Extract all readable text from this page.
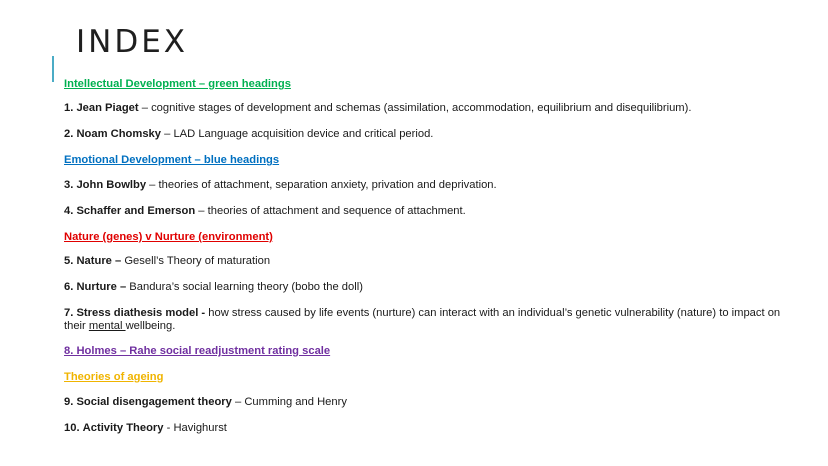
INDEX
Intellectual Development – green headings
1. Jean Piaget – cognitive stages of development and schemas (assimilation, accommodation, equilibrium and disequilibrium).
2. Noam Chomsky – LAD Language acquisition device and critical period.
Emotional Development – blue headings
3. John Bowlby – theories of attachment, separation anxiety, privation and deprivation.
4. Schaffer and Emerson – theories of attachment and sequence of attachment.
Nature (genes) v Nurture (environment)
5. Nature – Gesell’s Theory of maturation
6. Nurture – Bandura’s social learning theory (bobo the doll)
7. Stress diathesis model - how stress caused by life events (nurture) can interact with an individual’s genetic vulnerability (nature) to impact on their mental wellbeing.
8. Holmes – Rahe social readjustment rating scale
Theories of ageing
9. Social disengagement theory – Cumming and Henry
10. Activity Theory - Havighurst
